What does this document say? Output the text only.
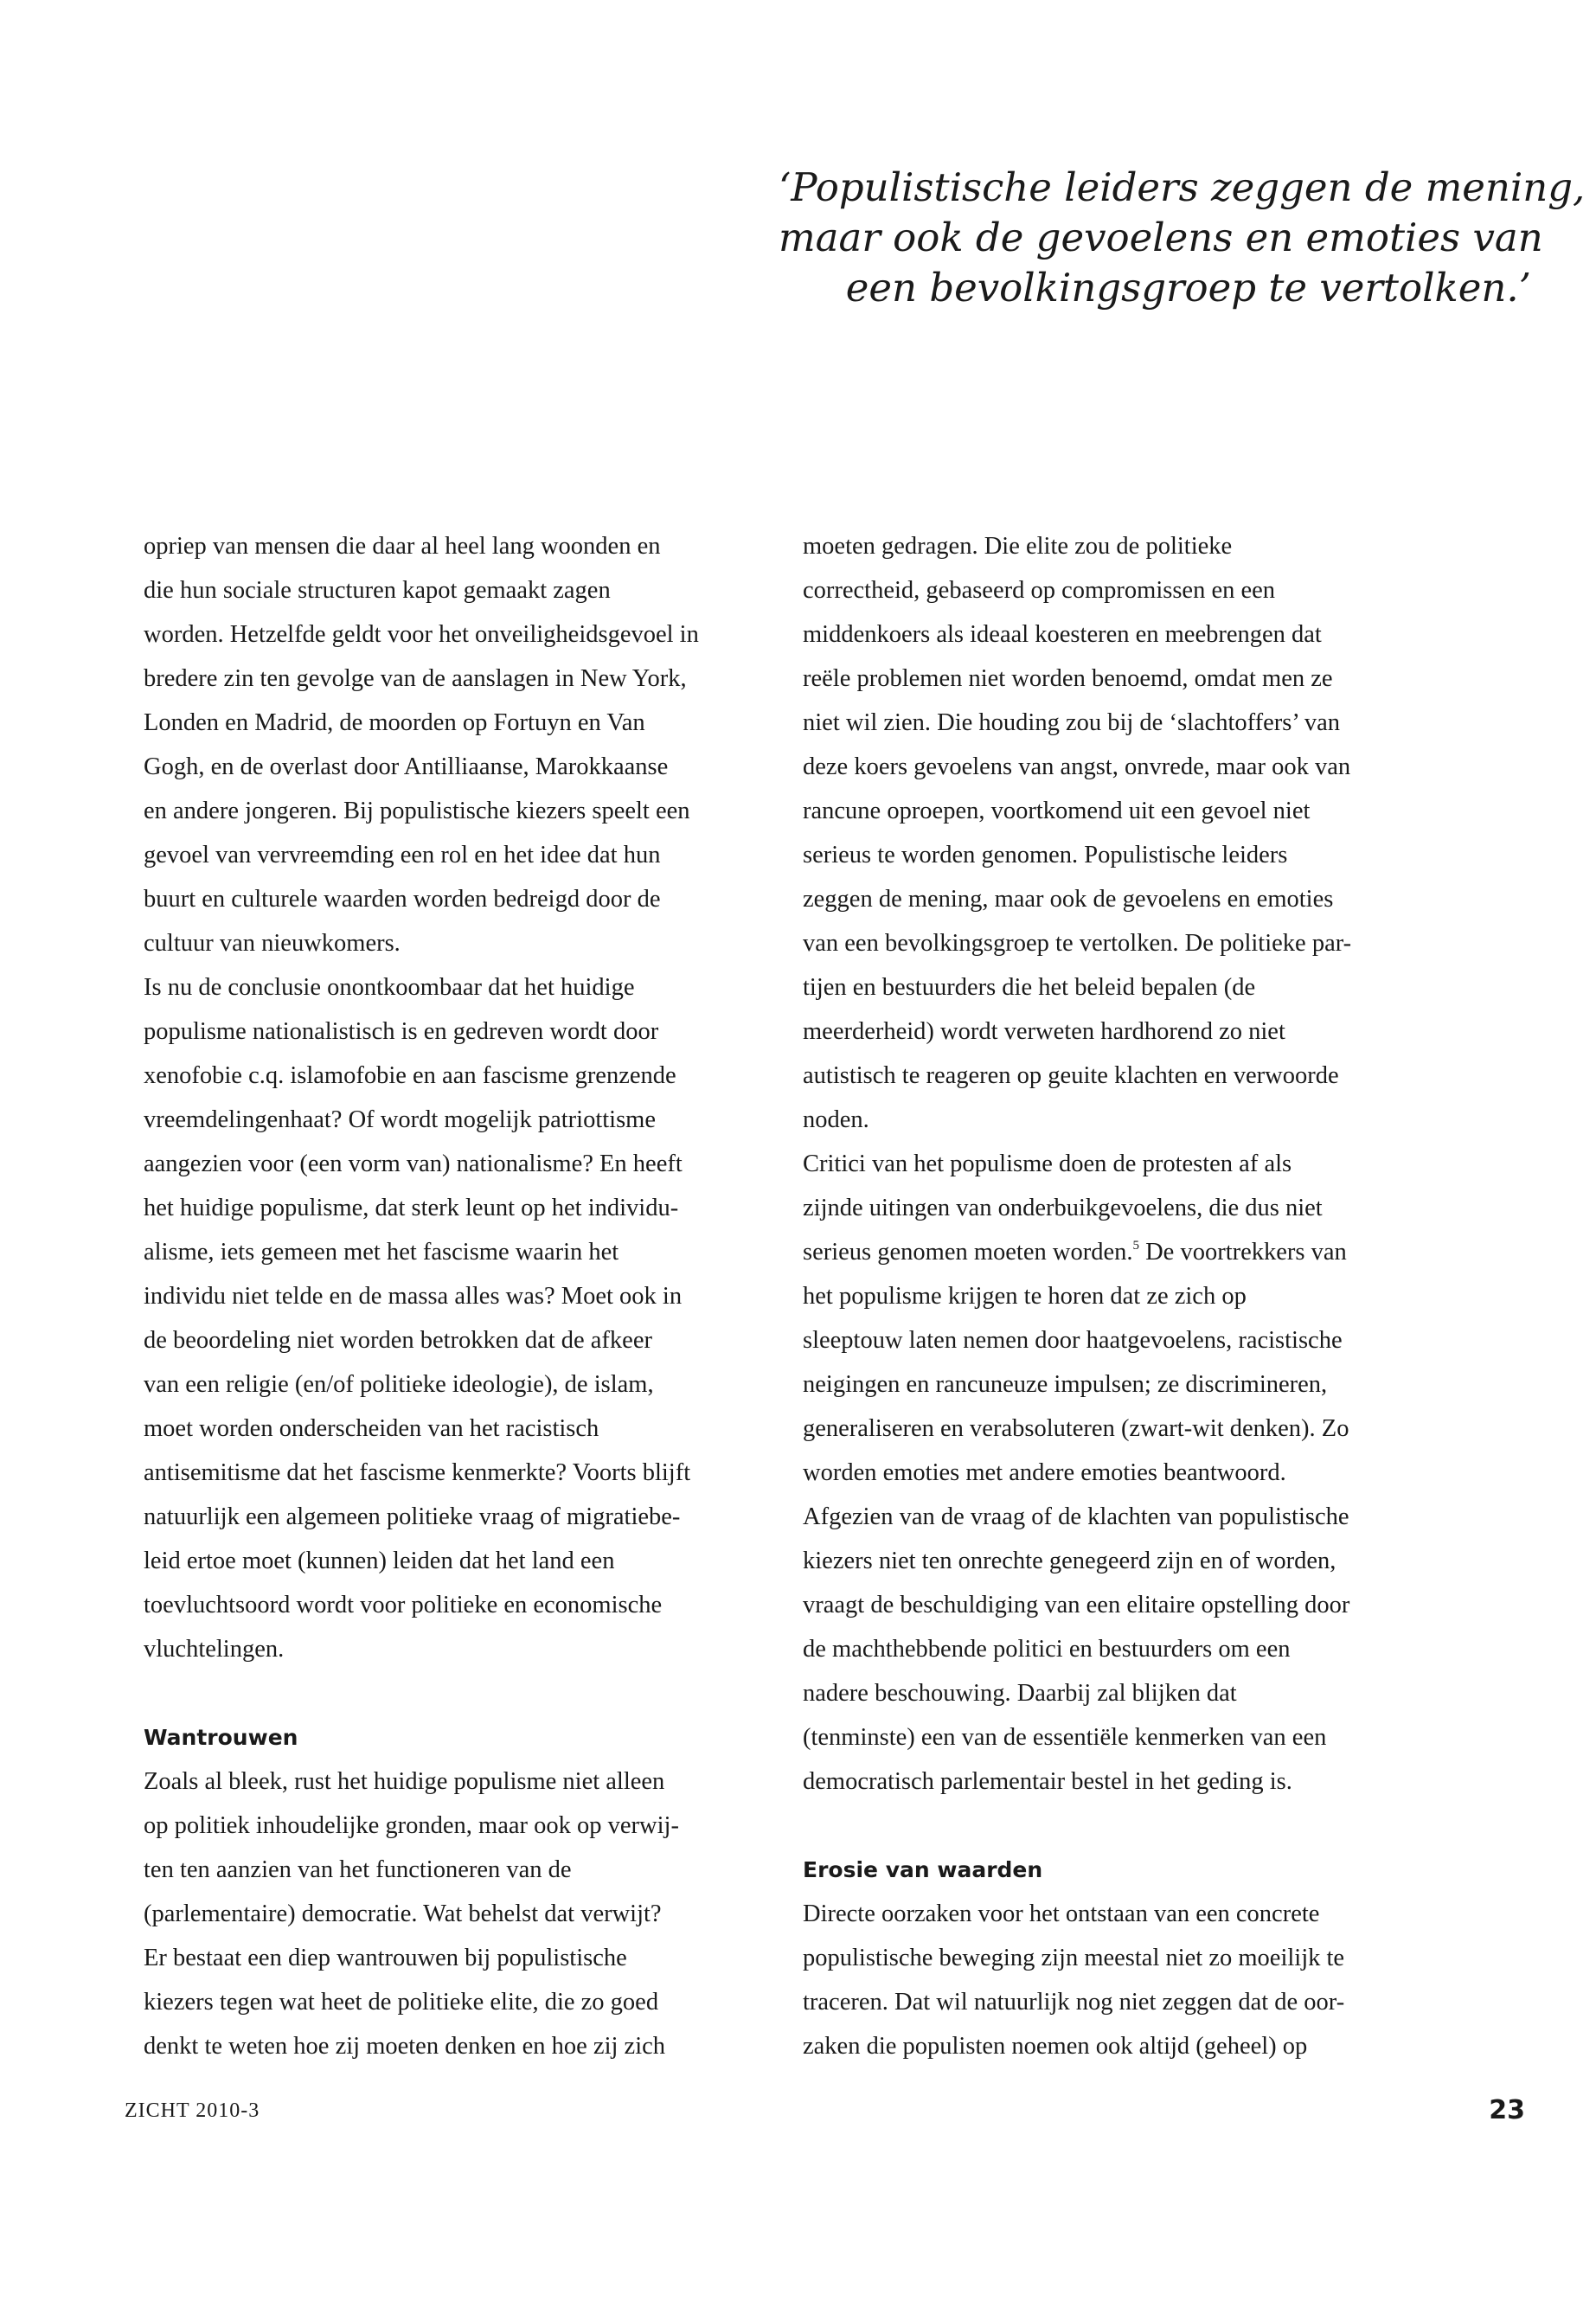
‘Populistische leiders zeggen de mening,
maar ook de gevoelens en emoties van
een bevolkingsgroep te vertolken.’
opriep van mensen die daar al heel lang woonden en
die hun sociale structuren kapot gemaakt zagen
worden. Hetzelfde geldt voor het onveiligheidsgevoel in
bredere zin ten gevolge van de aanslagen in New York,
Londen en Madrid, de moorden op Fortuyn en Van
Gogh, en de overlast door Antilliaanse, Marokkaanse
en andere jongeren. Bij populistische kiezers speelt een
gevoel van vervreemding een rol en het idee dat hun
buurt en culturele waarden worden bedreigd door de
cultuur van nieuwkomers.
Is nu de conclusie onontkoombaar dat het huidige
populisme nationalistisch is en gedreven wordt door
xenofobie c.q. islamofobie en aan fascisme grenzende
vreemdelingenhaat? Of wordt mogelijk patriottisme
aangezien voor (een vorm van) nationalisme? En heeft
het huidige populisme, dat sterk leunt op het individu-
alisme, iets gemeen met het fascisme waarin het
individu niet telde en de massa alles was? Moet ook in
de beoordeling niet worden betrokken dat de afkeer
van een religie (en/of politieke ideologie), de islam,
moet worden onderscheiden van het racistisch
antisemitisme dat het fascisme kenmerkte? Voorts blijft
natuurlijk een algemeen politieke vraag of migratiebe-
leid ertoe moet (kunnen) leiden dat het land een
toevluchtsoord wordt voor politieke en economische
vluchtelingen.
Wantrouwen
Zoals al bleek, rust het huidige populisme niet alleen
op politiek inhoudelijke gronden, maar ook op verwij-
ten ten aanzien van het functioneren van de
(parlementaire) democratie. Wat behelst dat verwijt?
Er bestaat een diep wantrouwen bij populistische
kiezers tegen wat heet de politieke elite, die zo goed
denkt te weten hoe zij moeten denken en hoe zij zich
moeten gedragen. Die elite zou de politieke
correctheid, gebaseerd op compromissen en een
middenkoers als ideaal koesteren en meebrengen dat
reële problemen niet worden benoemd, omdat men ze
niet wil zien. Die houding zou bij de ‘slachtoffers’ van
deze koers gevoelens van angst, onvrede, maar ook van
rancune oproepen, voortkomend uit een gevoel niet
serieus te worden genomen. Populistische leiders
zeggen de mening, maar ook de gevoelens en emoties
van een bevolkingsgroep te vertolken. De politieke par-
tijen en bestuurders die het beleid bepalen (de
meerderheid) wordt verweten hardhorend zo niet
autistisch te reageren op geuite klachten en verwoorde
noden.
Critici van het populisme doen de protesten af als
zijnde uitingen van onderbuikgevoelens, die dus niet
serieus genomen moeten worden.$^5$ De voortrekkers van
het populisme krijgen te horen dat ze zich op
sleeptouw laten nemen door haatgevoelens, racistische
neigingen en rancuneuze impulsen; ze discrimineren,
generaliseren en verabsoluteren (zwart-wit denken). Zo
worden emoties met andere emoties beantwoord.
Afgezien van de vraag of de klachten van populistische
kiezers niet ten onrechte genegeerd zijn en of worden,
vraagt de beschuldiging van een elitaire opstelling door
de machthebbende politici en bestuurders om een
nadere beschouwing. Daarbij zal blijken dat
(tenminste) een van de essentiële kenmerken van een
democratisch parlementair bestel in het geding is.
Erosie van waarden
Directe oorzaken voor het ontstaan van een concrete
populistische beweging zijn meestal niet zo moeilijk te
traceren. Dat wil natuurlijk nog niet zeggen dat de oor-
zaken die populisten noemen ook altijd (geheel) op
ZICHT 2010-3	23
